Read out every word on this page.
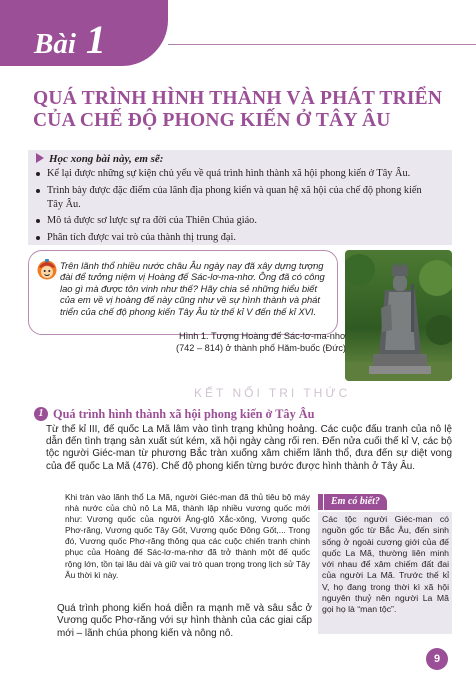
Bài 1
QUÁ TRÌNH HÌNH THÀNH VÀ PHÁT TRIỂN CỦA CHẾ ĐỘ PHONG KIẾN Ở TÂY ÂU
Học xong bài này, em sẽ:
Kể lại được những sự kiện chủ yếu về quá trình hình thành xã hội phong kiến ở Tây Âu.
Trình bày được đặc điểm của lãnh địa phong kiến và quan hệ xã hội của chế độ phong kiến Tây Âu.
Mô tả được sơ lược sự ra đời của Thiên Chúa giáo.
Phân tích được vai trò của thành thị trung đại.

Trên lãnh thổ nhiều nước châu Âu ngày nay đã xây dựng tượng đài để tưởng niệm vị Hoàng đế Sác-lơ-ma-nhơ. Ông đã có công lao gì mà được tôn vinh như thế? Hãy chia sẻ những hiểu biết của em về vị hoàng đế này cũng như về sự hình thành và phát triển của chế độ phong kiến Tây Âu từ thế kỉ V đến thế kỉ XVI.

Hình 1. Tượng Hoàng đế Sác-lơ-ma-nhơ
(742 – 814) ở thành phố Hăm-buốc (Đức)

KẾT NỐI TRI THỨC

1 Quá trình hình thành xã hội phong kiến ở Tây Âu

Từ thế kỉ III, đế quốc La Mã lâm vào tình trạng khủng hoảng. Các cuộc đấu tranh của nô lệ dẫn đến tình trạng sản xuất sút kém, xã hội ngày càng rối ren. Đến nửa cuối thế kỉ V, các bộ tộc người Giéc-man từ phương Bắc tràn xuống xâm chiếm lãnh thổ, đưa đến sự diệt vong của đế quốc La Mã (476). Chế độ phong kiến từng bước được hình thành ở Tây Âu.

Khi tràn vào lãnh thổ La Mã, người Giéc-man đã thủ tiêu bộ máy nhà nước của chủ nô La Mã, thành lập nhiều vương quốc mới như: Vương quốc của người Ăng-glô Xắc-xông, Vương quốc Phơ-răng, Vương quốc Tây Gốt, Vương quốc Đông Gốt,... Trong đó, Vương quốc Phơ-răng thông qua các cuộc chiến tranh chinh phục của Hoàng đế Sác-lơ-ma-nhơ đã trở thành một đế quốc rộng lớn, tồn tại lâu dài và giữ vai trò quan trọng trong lịch sử Tây Âu thời kì này.

Quá trình phong kiến hoá diễn ra mạnh mẽ và sâu sắc ở Vương quốc Phơ-răng với sự hình thành của các giai cấp mới – lãnh chúa phong kiến và nông nô.

Em có biết?

Các tộc người Giéc-man có nguồn gốc từ Bắc Âu, đến sinh sống ở ngoài cương giới của đế quốc La Mã, thường liên minh với nhau để xâm chiếm đất đai của người La Mã. Trước thế kỉ V, họ đang trong thời kì xã hội nguyên thuỷ nên người La Mã gọi họ là “man tộc”.

9
